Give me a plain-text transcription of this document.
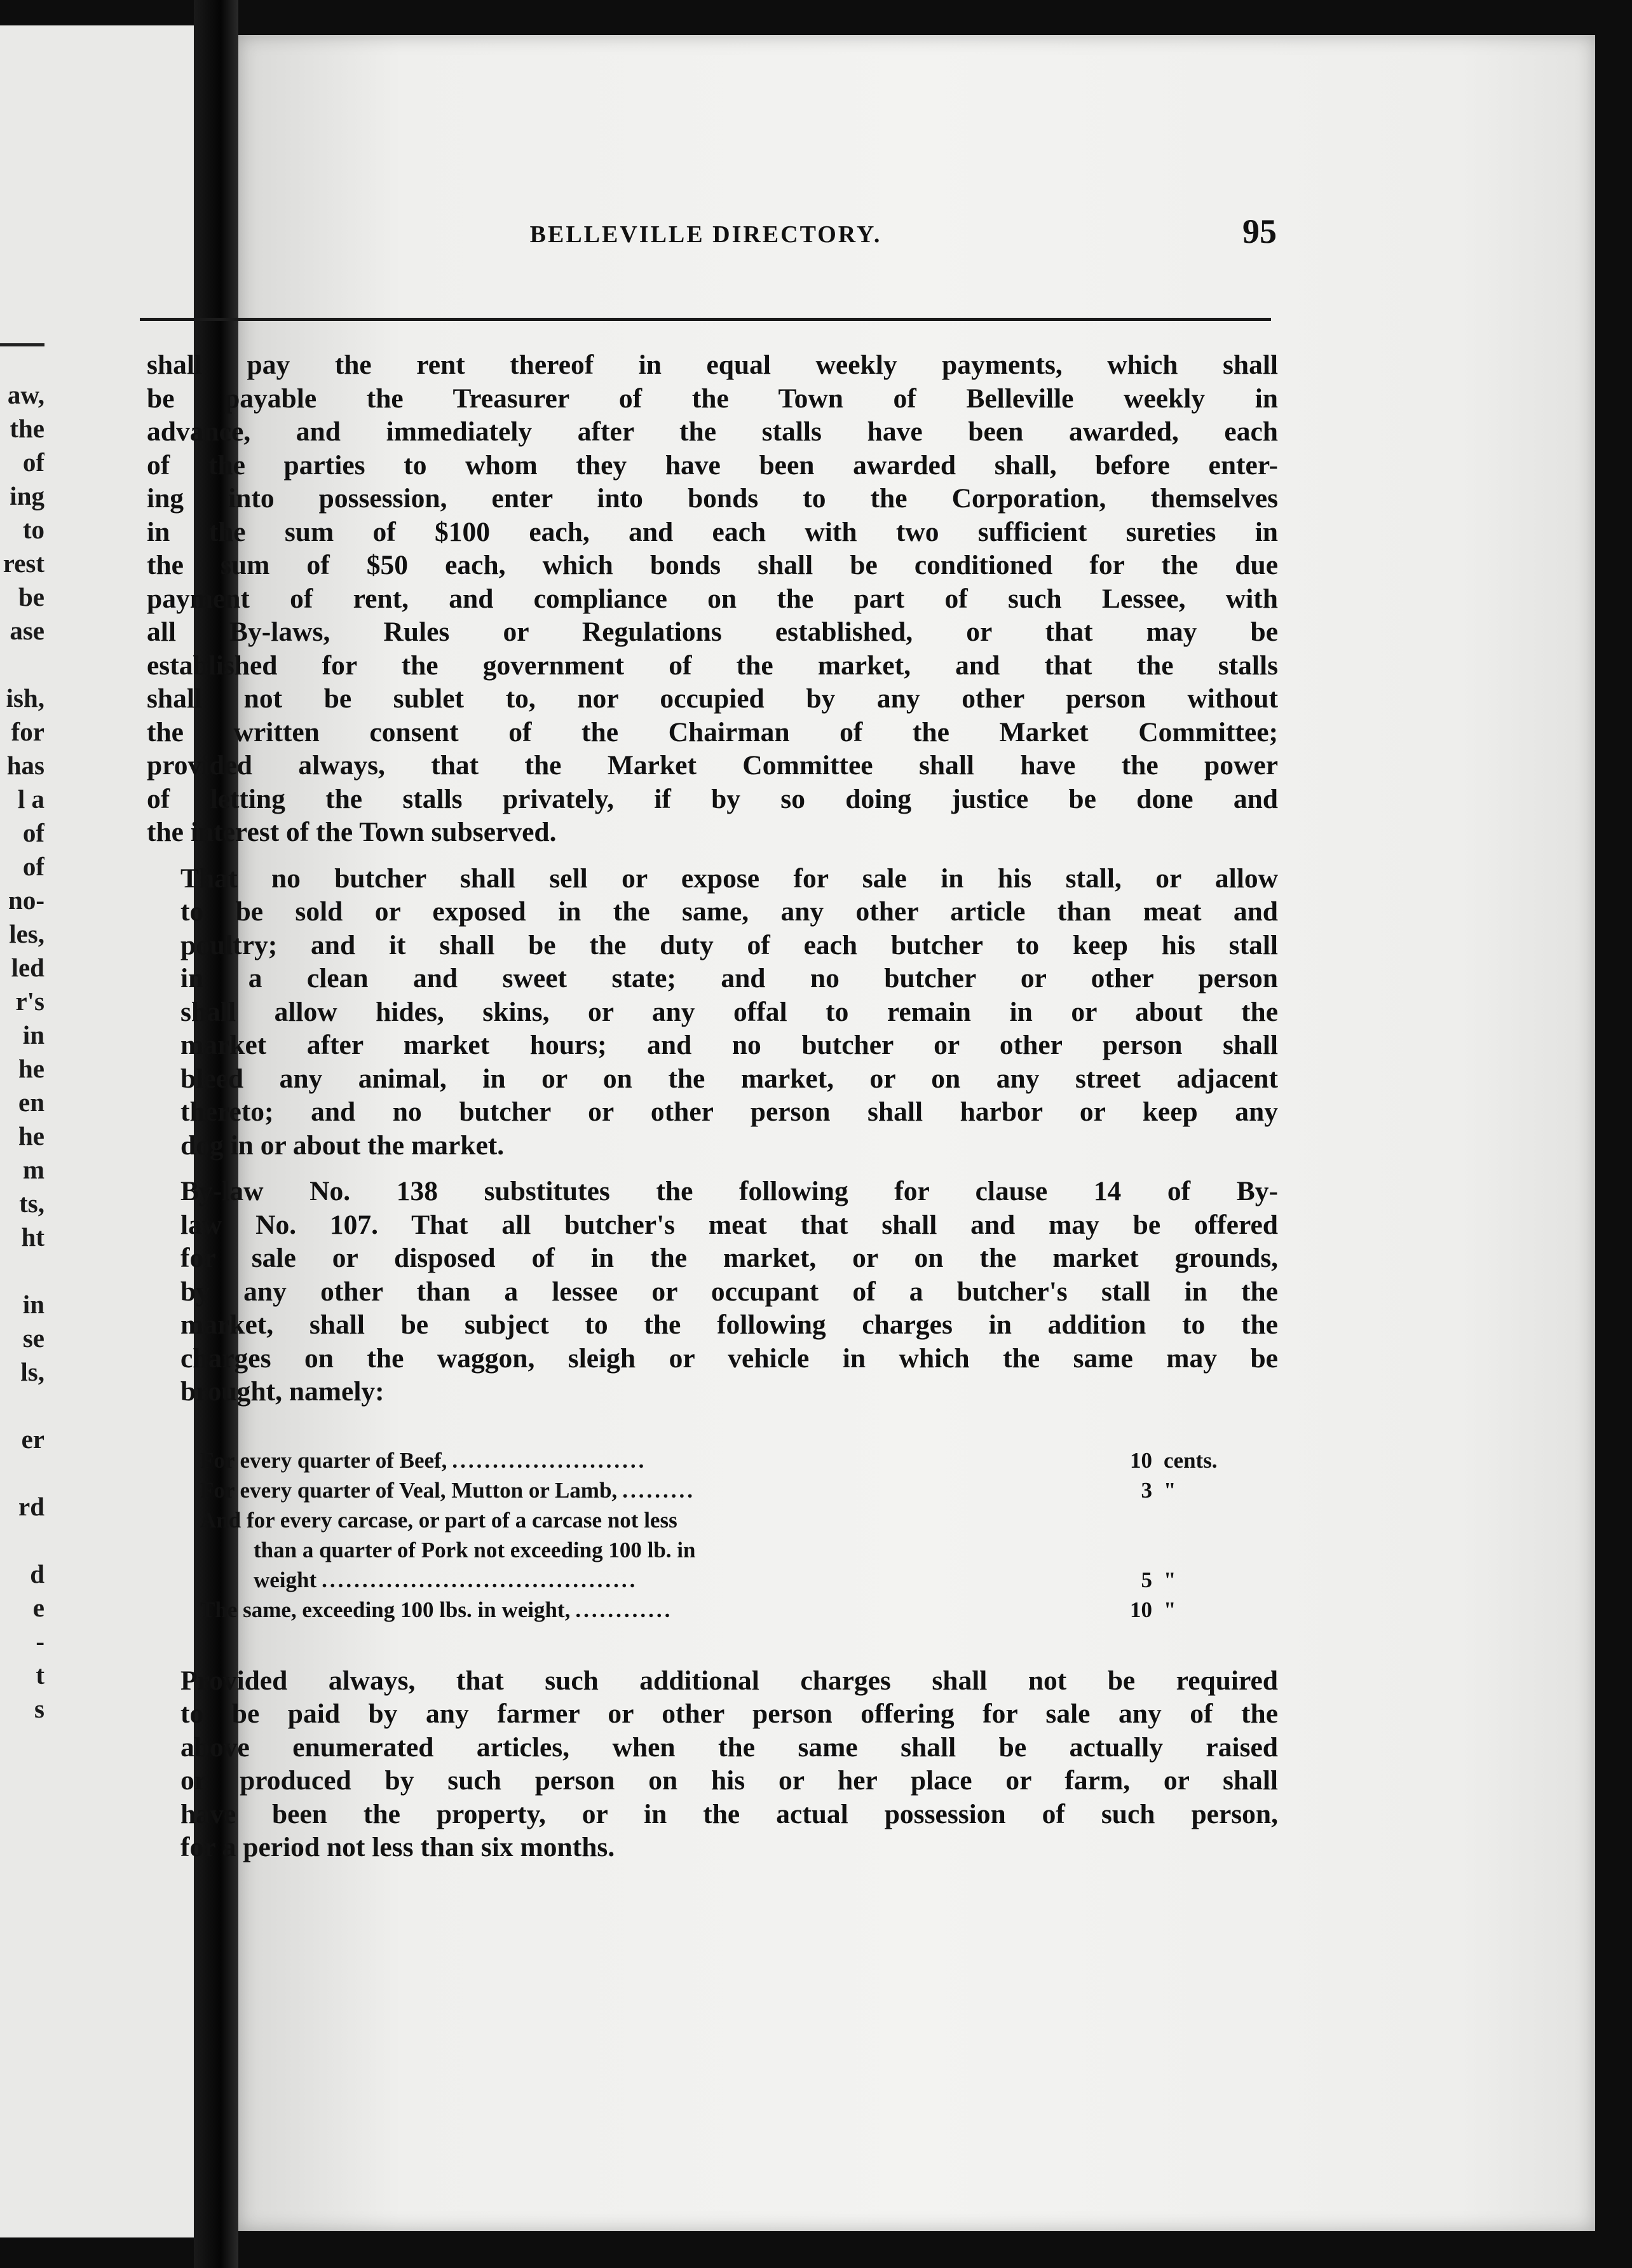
aw,
the
of
ing
to
rest
be
ase
ish,
for
has
l a
of
of
no-
les,
led
r's
in
he
en
he
m
ts,
ht
in
se
ls,
er
rd
d
e
-
t
s
BELLEVILLE DIRECTORY.	95

shall pay the rent thereof in equal weekly payments, which shall
be payable the Treasurer of the Town of Belleville weekly in
advance, and immediately after the stalls have been awarded, each
of the parties to whom they have been awarded shall, before enter-
ing into possession, enter into bonds to the Corporation, themselves
in the sum of $100 each, and each with two sufficient sureties in
the sum of $50 each, which bonds shall be conditioned for the due
payment of rent, and compliance on the part of such Lessee, with
all By-laws, Rules or Regulations established, or that may be
established for the government of the market, and that the stalls
shall not be sublet to, nor occupied by any other person without
the written consent of the Chairman of the Market Committee;
provided always, that the Market Committee shall have the power
of letting the stalls privately, if by so doing justice be done and
the interest of the Town subserved.

That no butcher shall sell or expose for sale in his stall, or allow
to be sold or exposed in the same, any other article than meat and
poultry; and it shall be the duty of each butcher to keep his stall
in a clean and sweet state; and no butcher or other person
shall allow hides, skins, or any offal to remain in or about the
market after market hours; and no butcher or other person shall
bleed any animal, in or on the market, or on any street adjacent
thereto; and no butcher or other person shall harbor or keep any
dog in or about the market.

By-law No. 138 substitutes the following for clause 14 of By-
law No. 107. That all butcher's meat that shall and may be offered
for sale or disposed of in the market, or on the market grounds,
by any other than a lessee or occupant of a butcher's stall in the
market, shall be subject to the following charges in addition to the
charges on the waggon, sleigh or vehicle in which the same may be
brought, namely:

For every quarter of Beef, ........................	10 cents.
For every quarter of Veal, Mutton or Lamb, .........	3 "
And for every carcase, or part of a carcase not less
than a quarter of Pork not exceeding 100 lb. in
weight .......................................	5 "
The same, exceeding 100 lbs. in weight, ............	10 "

Provided always, that such additional charges shall not be required
to be paid by any farmer or other person offering for sale any of the
above enumerated articles, when the same shall be actually raised
or produced by such person on his or her place or farm, or shall
have been the property, or in the actual possession of such person,
for a period not less than six months.
